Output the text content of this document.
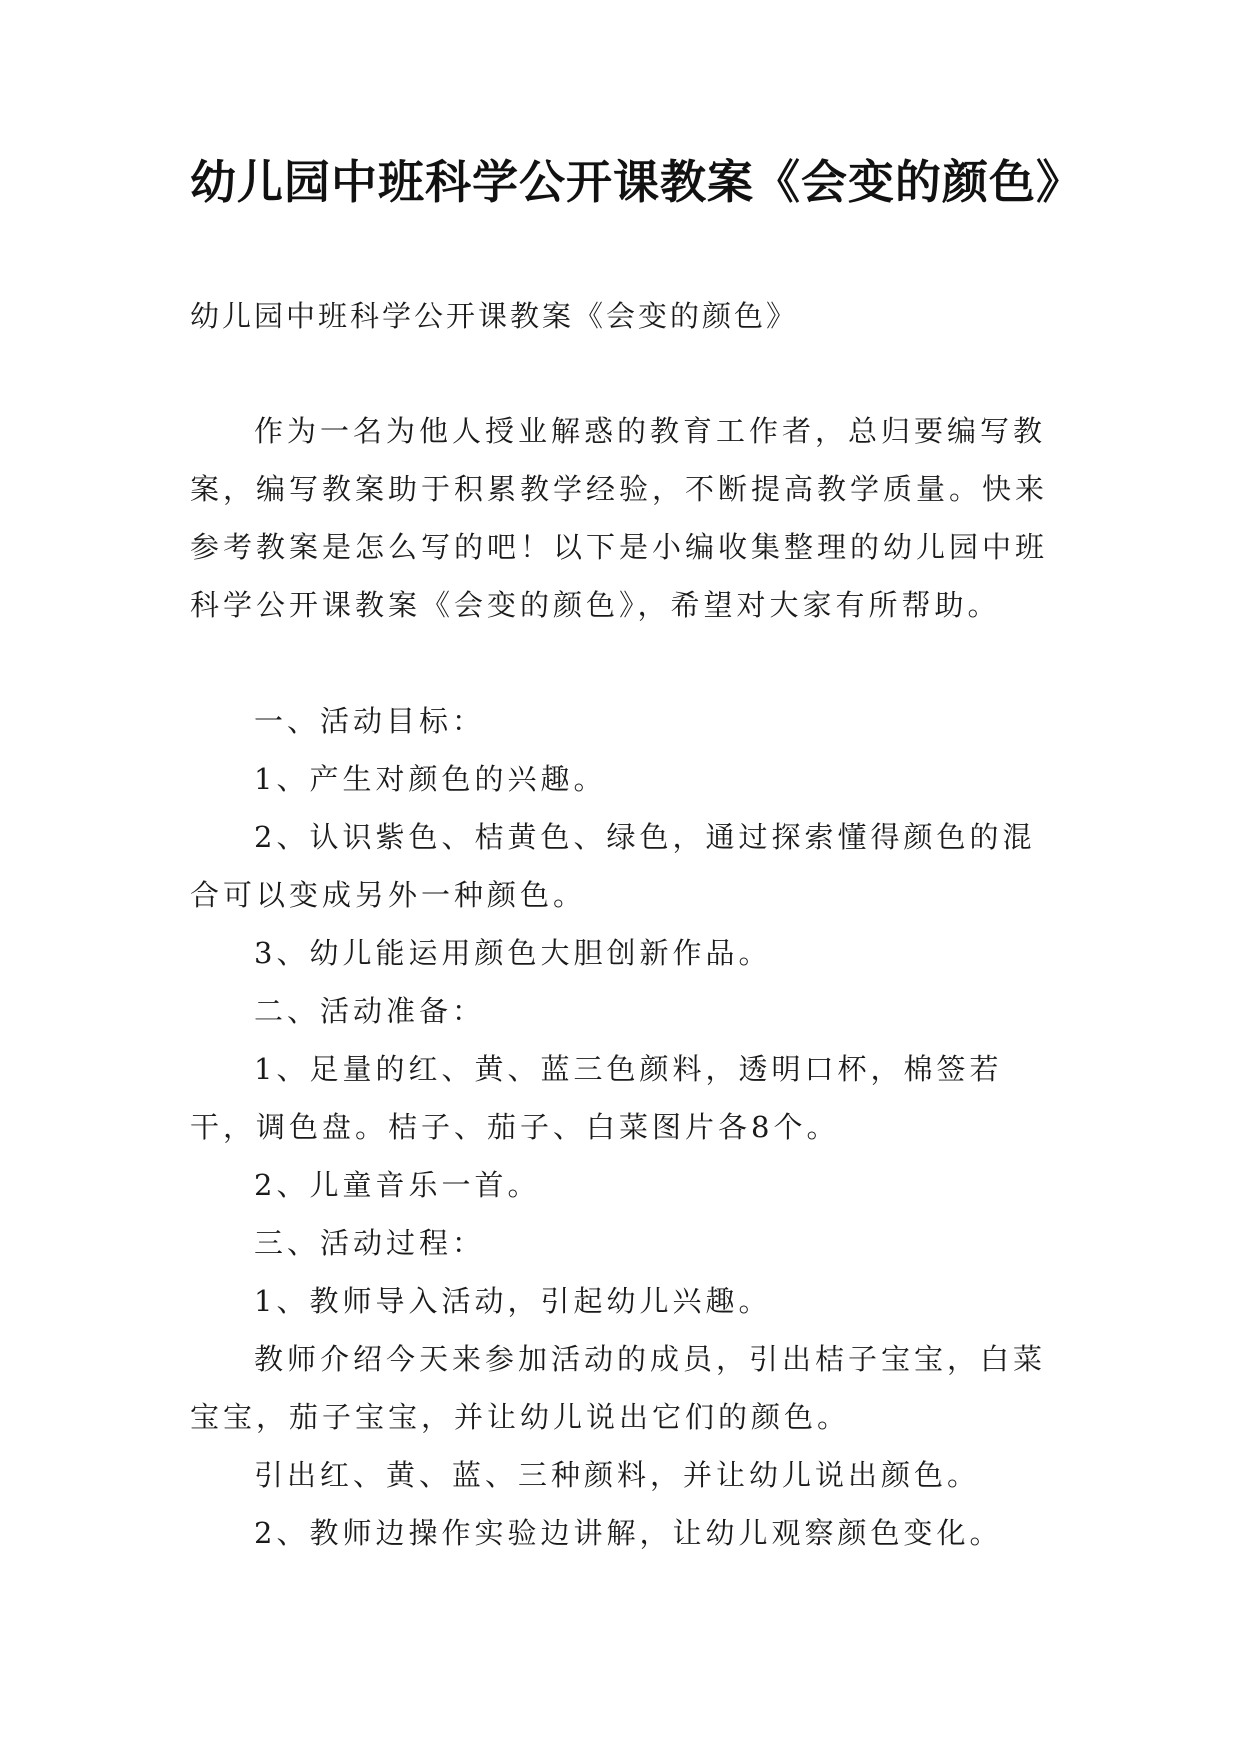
幼儿园中班科学公开课教案《会变的颜色》
幼儿园中班科学公开课教案《会变的颜色》

作为一名为他人授业解惑的教育工作者，总归要编写教案，编写教案助于积累教学经验，不断提高教学质量。快来参考教案是怎么写的吧！以下是小编收集整理的幼儿园中班科学公开课教案《会变的颜色》，希望对大家有所帮助。

一、活动目标：

1、产生对颜色的兴趣。

2、认识紫色、桔黄色、绿色，通过探索懂得颜色的混合可以变成另外一种颜色。

3、幼儿能运用颜色大胆创新作品。

二、活动准备：

1、足量的红、黄、蓝三色颜料，透明口杯，棉签若干，调色盘。桔子、茄子、白菜图片各8个。

2、儿童音乐一首。

三、活动过程：

1、教师导入活动，引起幼儿兴趣。

教师介绍今天来参加活动的成员，引出桔子宝宝，白菜宝宝，茄子宝宝，并让幼儿说出它们的颜色。

引出红、黄、蓝、三种颜料，并让幼儿说出颜色。

2、教师边操作实验边讲解，让幼儿观察颜色变化。
